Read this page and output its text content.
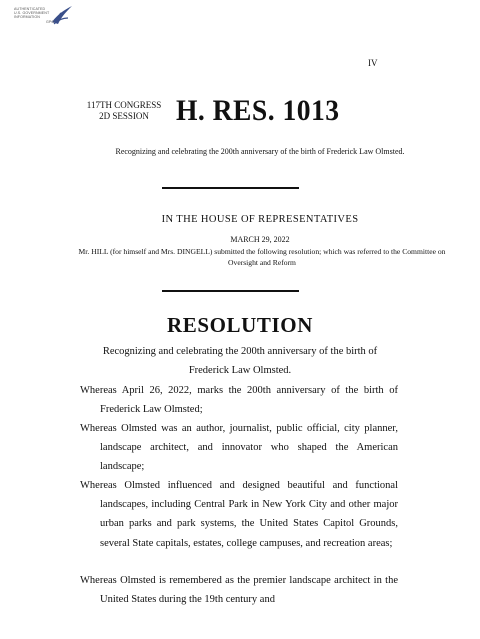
AUTHENTICATED
U.S. GOVERNMENT
INFORMATION
GPO
IV
117TH CONGRESS
2D SESSION H. RES. 1013
Recognizing and celebrating the 200th anniversary of the birth of Frederick Law Olmsted.
IN THE HOUSE OF REPRESENTATIVES
MARCH 29, 2022
Mr. HILL (for himself and Mrs. DINGELL) submitted the following resolution; which was referred to the Committee on Oversight and Reform
RESOLUTION
Recognizing and celebrating the 200th anniversary of the birth of Frederick Law Olmsted.
Whereas April 26, 2022, marks the 200th anniversary of the birth of Frederick Law Olmsted;
Whereas Olmsted was an author, journalist, public official, city planner, landscape architect, and innovator who shaped the American landscape;
Whereas Olmsted influenced and designed beautiful and functional landscapes, including Central Park in New York City and other major urban parks and park systems, the United States Capitol Grounds, several State capitals, estates, college campuses, and recreation areas;
Whereas Olmsted is remembered as the premier landscape architect in the United States during the 19th century and
